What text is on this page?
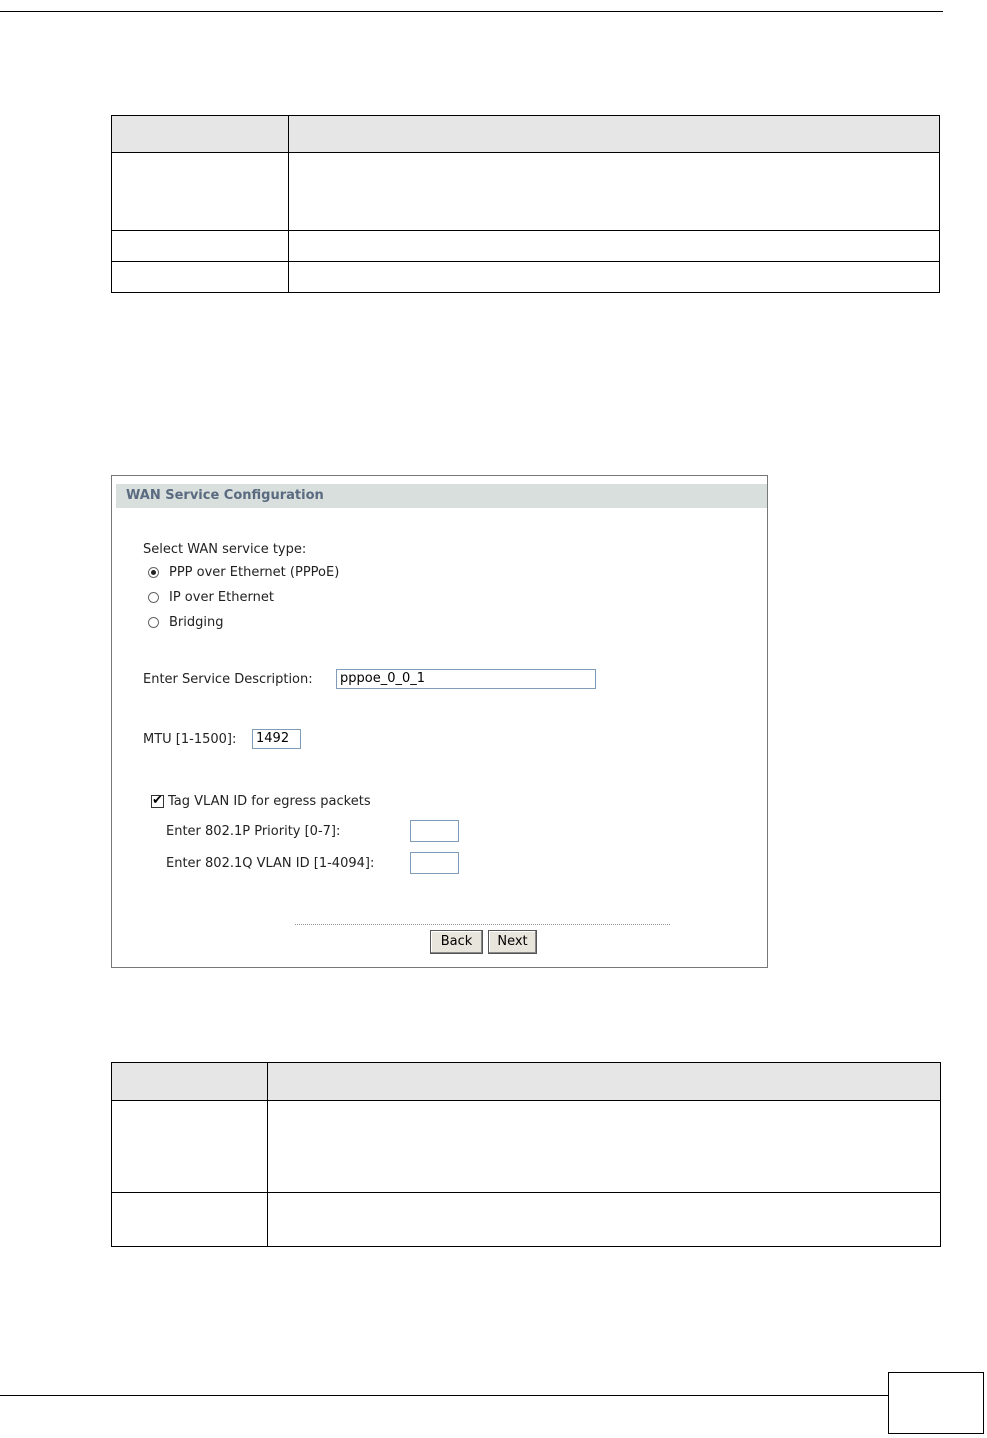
WAN Service Configuration
Select WAN service type:
PPP over Ethernet (PPPoE)
IP over Ethernet
Bridging
Enter Service Description:	pppoe_0_0_1
MTU [1-1500]:	1492
✔ Tag VLAN ID for egress packets
Enter 802.1P Priority [0-7]:
Enter 802.1Q VLAN ID [1-4094]:
Back	Next
